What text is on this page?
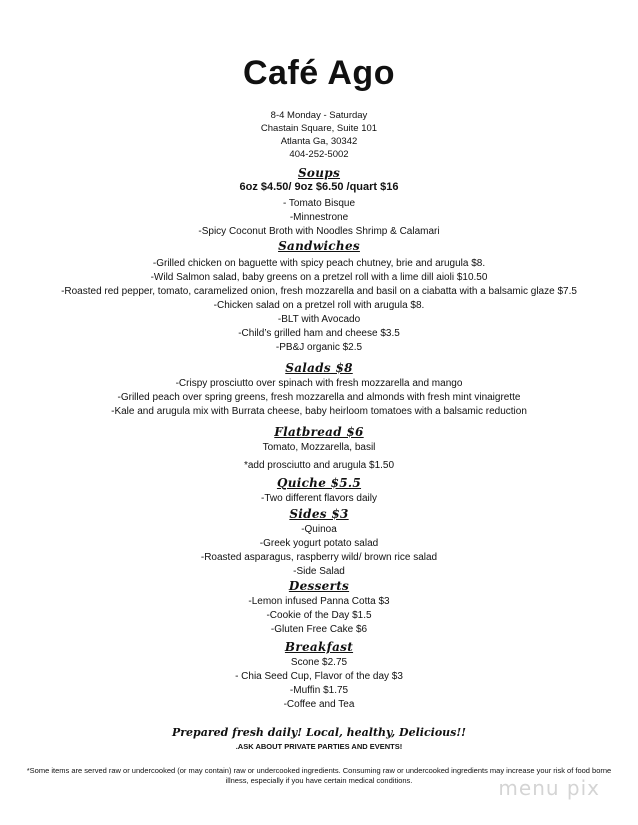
Café Ago
8-4 Monday - Saturday
Chastain Square, Suite 101
Atlanta Ga, 30342
404-252-5002
Soups
6oz $4.50/ 9oz $6.50 /quart $16
- Tomato Bisque
-Minnestrone
-Spicy Coconut Broth with Noodles Shrimp & Calamari
Sandwiches
-Grilled chicken on baguette with spicy peach chutney, brie and arugula $8.
-Wild Salmon salad, baby greens on a pretzel roll with a lime dill aioli $10.50
-Roasted red pepper, tomato, caramelized onion, fresh mozzarella and basil on a ciabatta with a balsamic glaze $7.5
-Chicken salad on a pretzel roll with arugula $8.
-BLT with Avocado
-Child’s grilled ham and cheese $3.5
-PB&J organic $2.5
Salads $8
-Crispy prosciutto over spinach with fresh mozzarella and mango
-Grilled peach over spring greens, fresh mozzarella and almonds with fresh mint vinaigrette
-Kale and arugula mix with Burrata cheese, baby heirloom tomatoes with a balsamic reduction
Flatbread $6
Tomato, Mozzarella, basil
*add prosciutto and arugula $1.50
Quiche $5.5
-Two different flavors daily
Sides $3
-Quinoa
-Greek yogurt potato salad
-Roasted asparagus, raspberry wild/ brown rice salad
-Side Salad
Desserts
-Lemon infused Panna Cotta $3
-Cookie of the Day $1.5
-Gluten Free Cake $6
Breakfast
Scone $2.75
- Chia Seed Cup, Flavor of the day $3
-Muffin $1.75
-Coffee and Tea
Prepared fresh daily! Local, healthy, Delicious!!
.ASK ABOUT PRIVATE PARTIES AND EVENTS!
*Some items are served raw or undercooked (or may contain) raw or undercooked ingredients. Consuming raw or undercooked ingredients may increase your risk of food borne illness, especially if you have certain medical conditions.	menu pix
